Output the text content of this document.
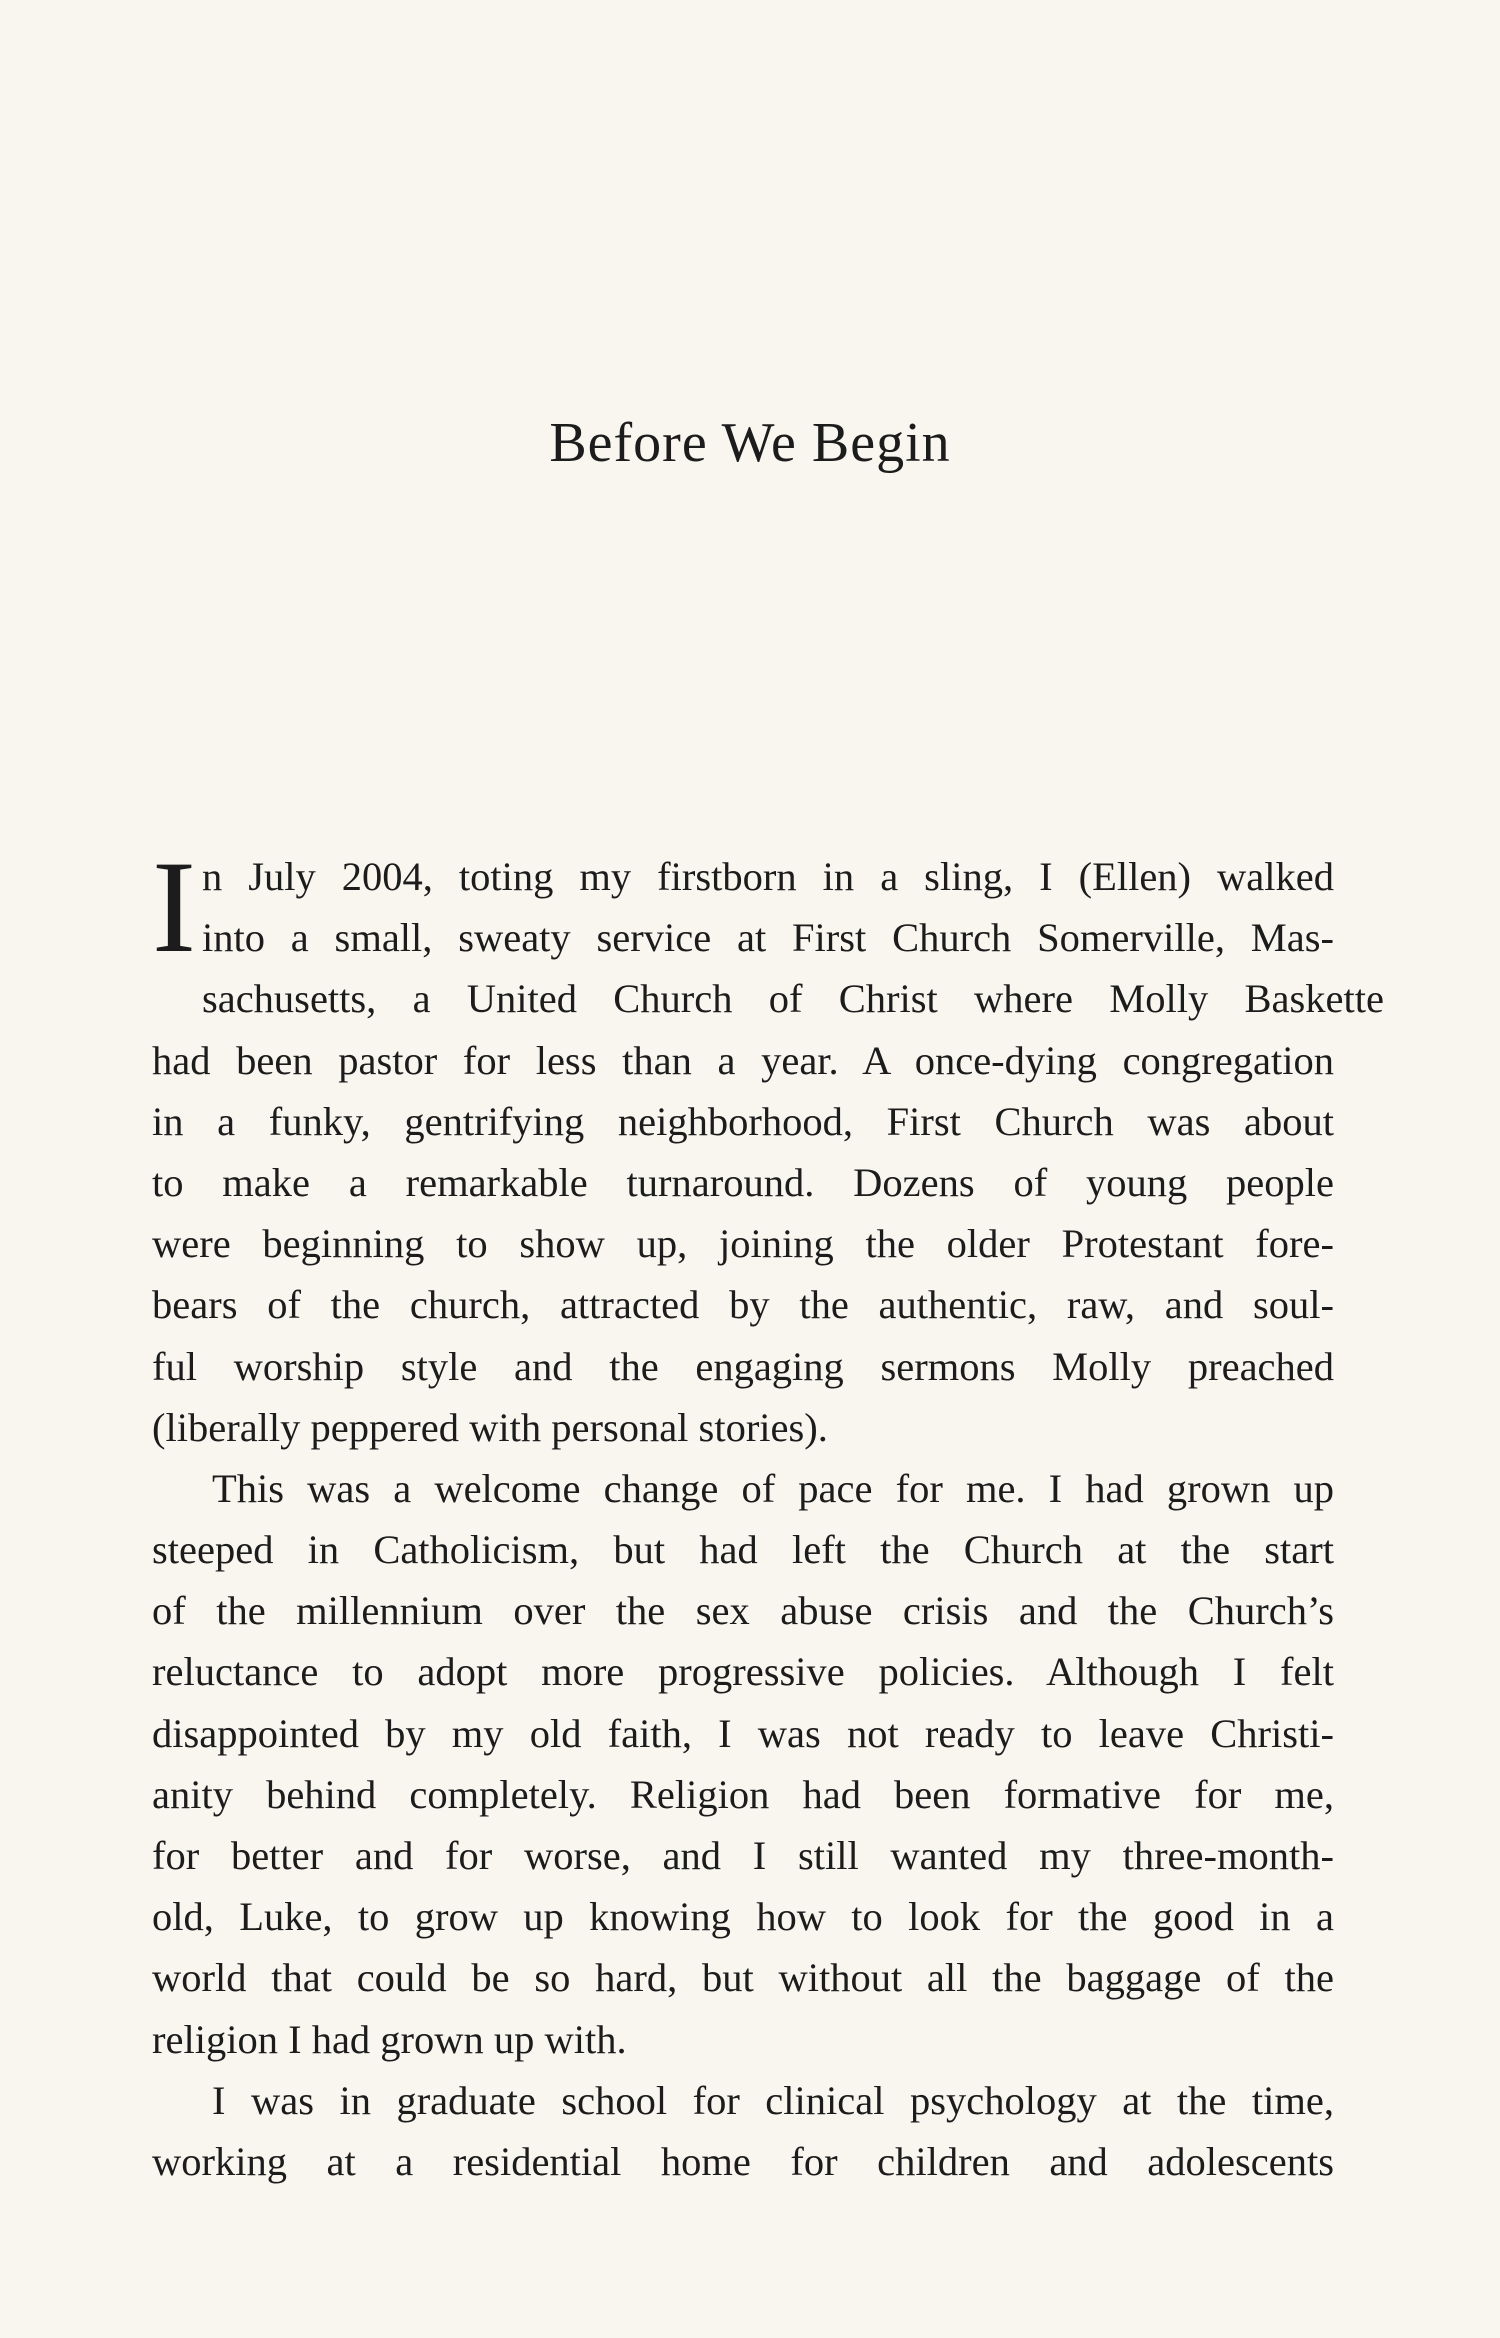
Before We Begin
I n July 2004, toting my firstborn in a sling, I (Ellen) walked
into a small, sweaty service at First Church Somerville, Mas-
sachusetts, a United Church of Christ where Molly Baskette
had been pastor for less than a year. A once-dying congregation
in a funky, gentrifying neighborhood, First Church was about
to make a remarkable turnaround. Dozens of young people
were beginning to show up, joining the older Protestant fore-
bears of the church, attracted by the authentic, raw, and soul-
ful worship style and the engaging sermons Molly preached
(liberally peppered with personal stories).
This was a welcome change of pace for me. I had grown up
steeped in Catholicism, but had left the Church at the start
of the millennium over the sex abuse crisis and the Church’s
reluctance to adopt more progressive policies. Although I felt
disappointed by my old faith, I was not ready to leave Christi-
anity behind completely. Religion had been formative for me,
for better and for worse, and I still wanted my three-month-
old, Luke, to grow up knowing how to look for the good in a
world that could be so hard, but without all the baggage of the
religion I had grown up with.
I was in graduate school for clinical psychology at the time,
working at a residential home for children and adolescents
